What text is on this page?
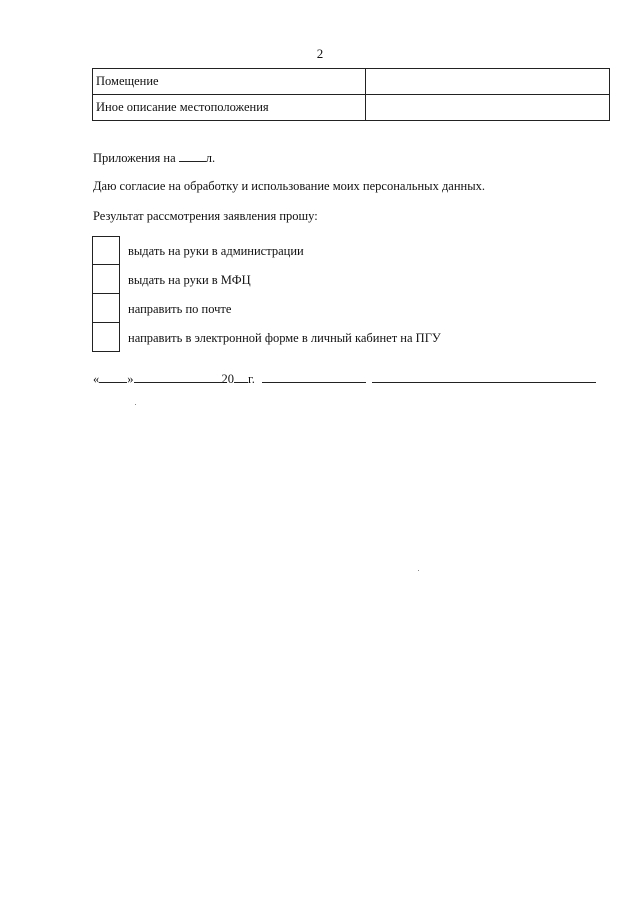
2
Помещение	
Иное описание местоположения	
Приложения на л.
Даю согласие на обработку и использование моих персональных данных.
Результат рассмотрения заявления прошу:
выдать на руки в администрации
выдать на руки в МФЦ
направить по почте
направить в электронной форме в личный кабинет на ПГУ
« »	20 г.
